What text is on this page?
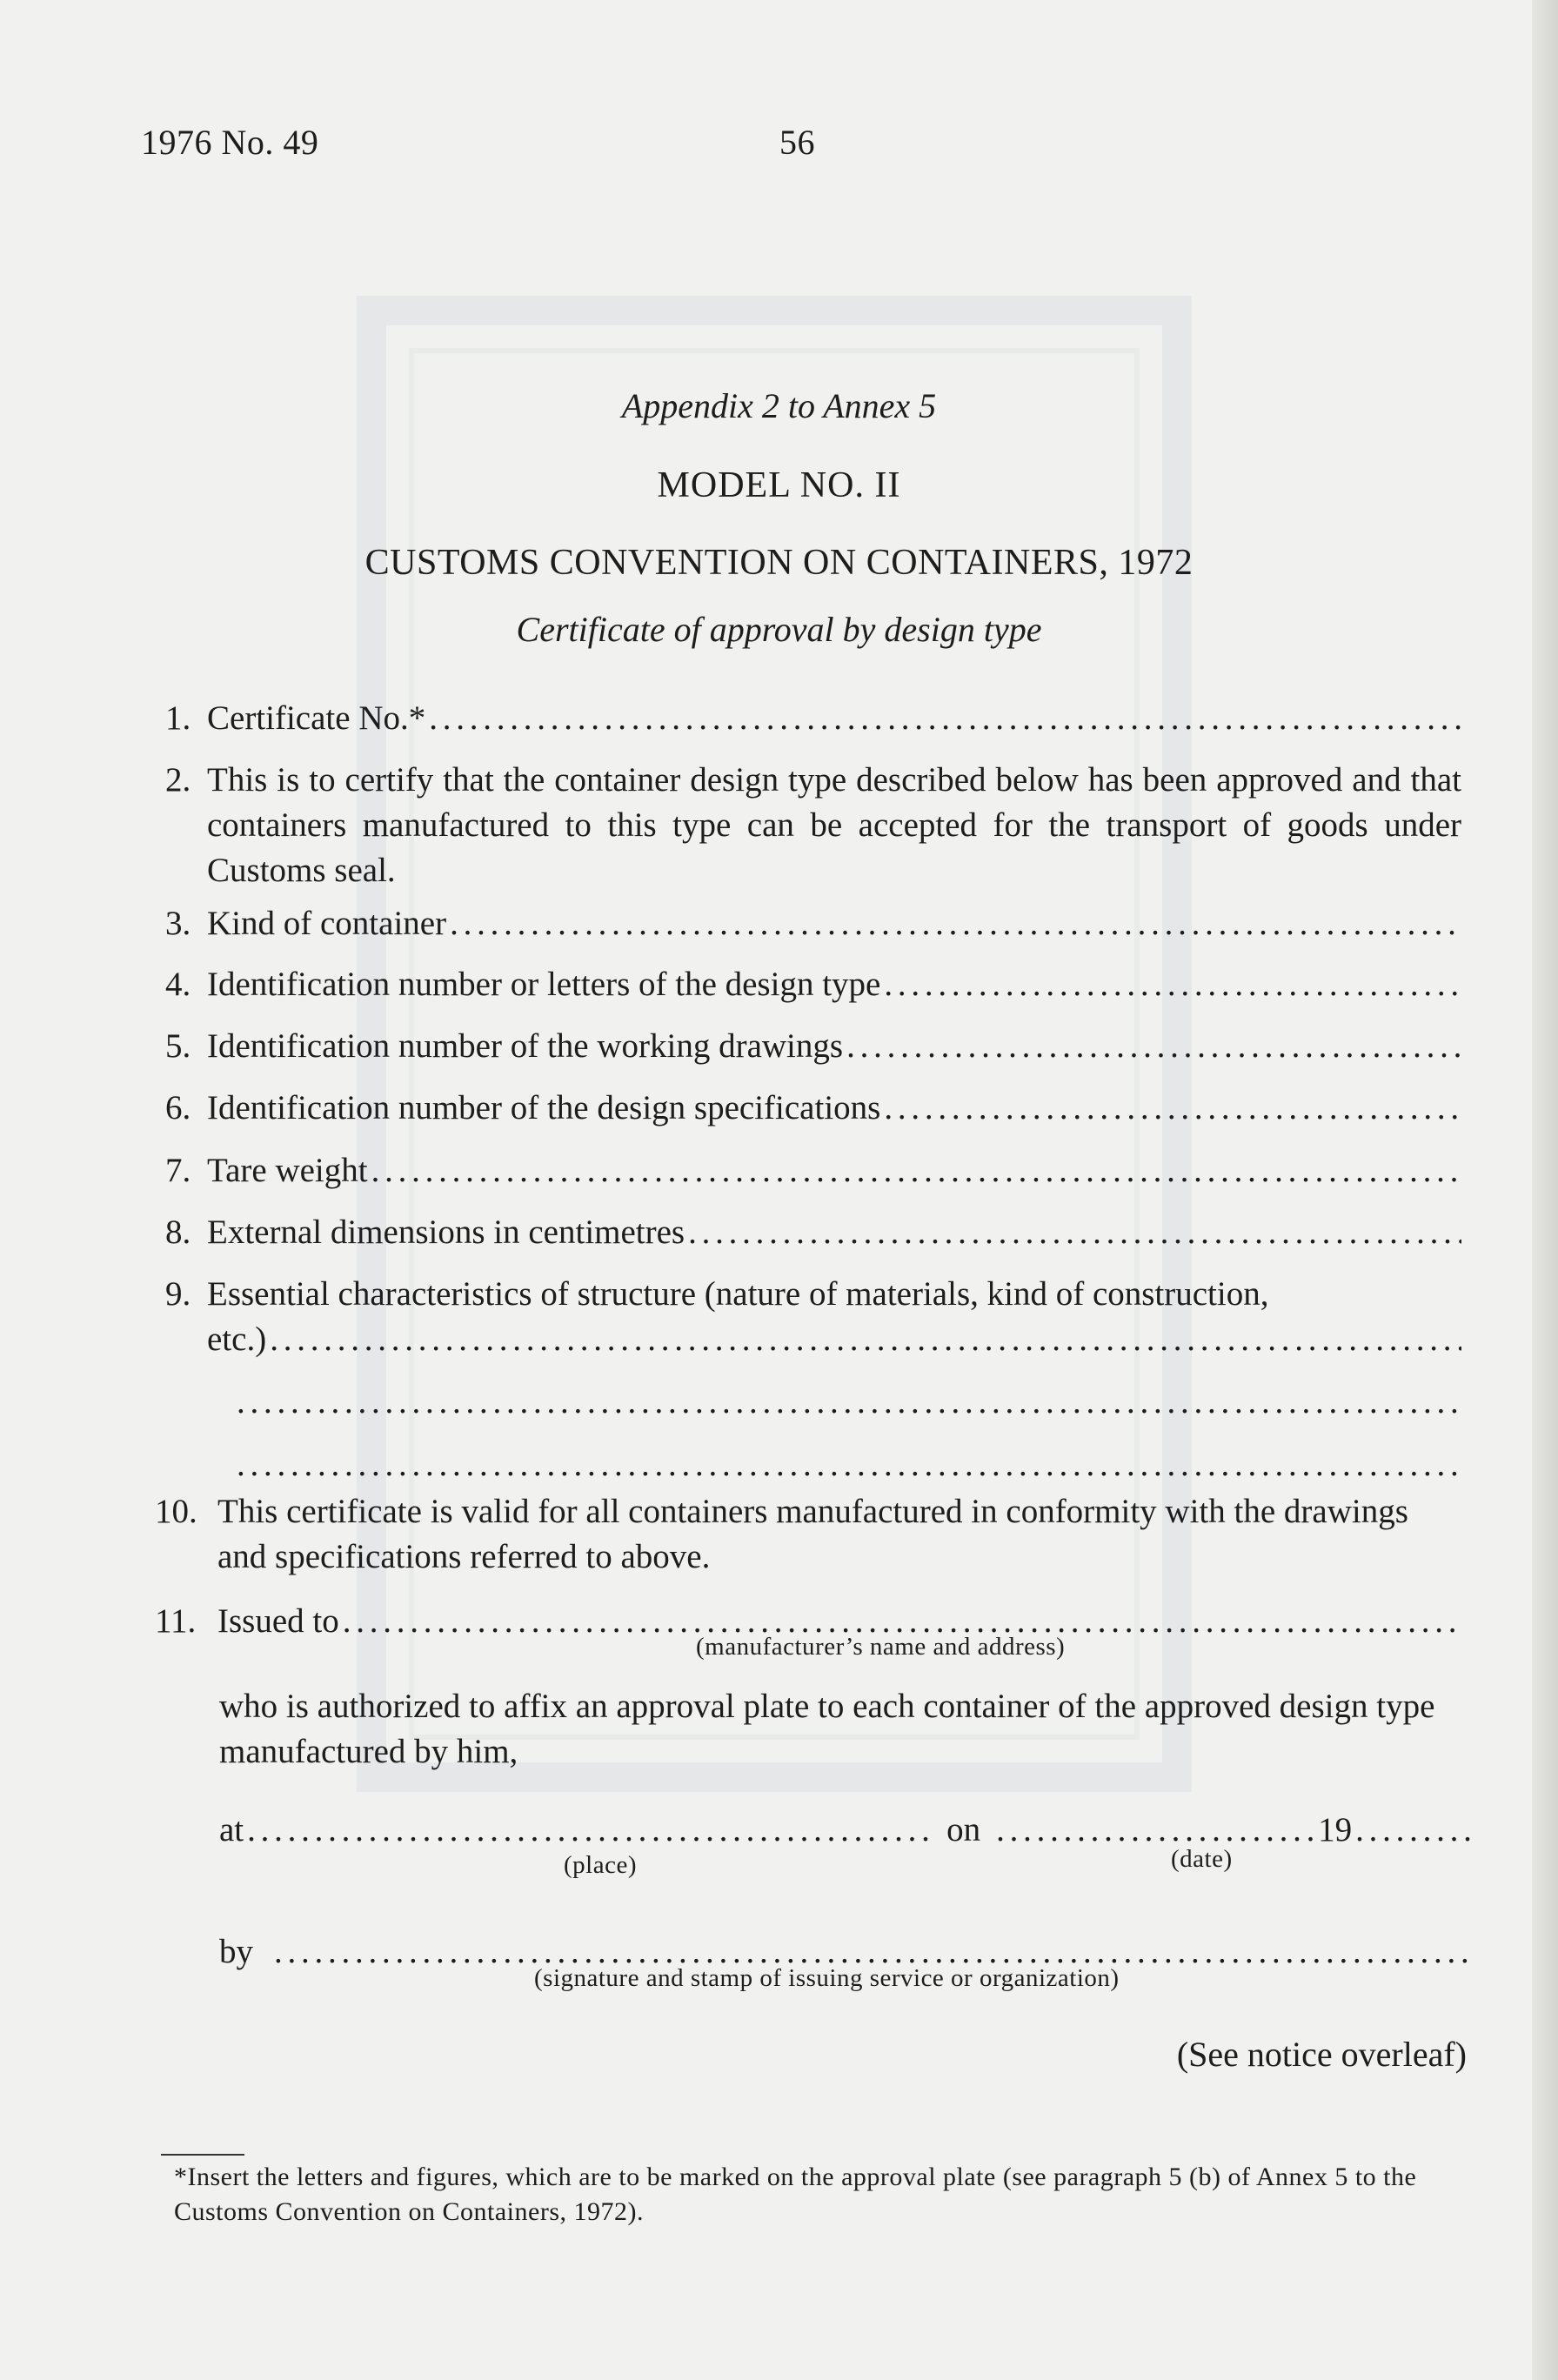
1976 No. 49	56
Appendix 2 to Annex 5
MODEL NO. II
CUSTOMS CONVENTION ON CONTAINERS, 1972
Certificate of approval by design type
1. Certificate No.*
. . .
2. This is to certify that the container design type described below has been approved and that containers manufactured to this type can be accepted for the transport of goods under Customs seal.
3. Kind of container
. . .
4. Identification number or letters of the design type
. . .
5. Identification number of the working drawings
. . .
6. Identification number of the design specifications
. . .
7. Tare weight
. . .
8. External dimensions in centimetres
. . .
9. Essential characteristics of structure (nature of materials, kind of construction,
etc.)
. . .
. . .
. . .
10. This certificate is valid for all containers manufactured in conformity with the drawings and specifications referred to above.
11. Issued to
. . .
(manufacturer’s name and address)
who is authorized to affix an approval plate to each container of the approved design type manufactured by him,
at . . .	on . . .	19
. . .
(place)	(date)
by
. . .
(signature and stamp of issuing service or organization)
(See notice overleaf)
*Insert the letters and figures, which are to be marked on the approval plate (see paragraph 5 (b) of Annex 5 to the Customs Convention on Containers, 1972).
